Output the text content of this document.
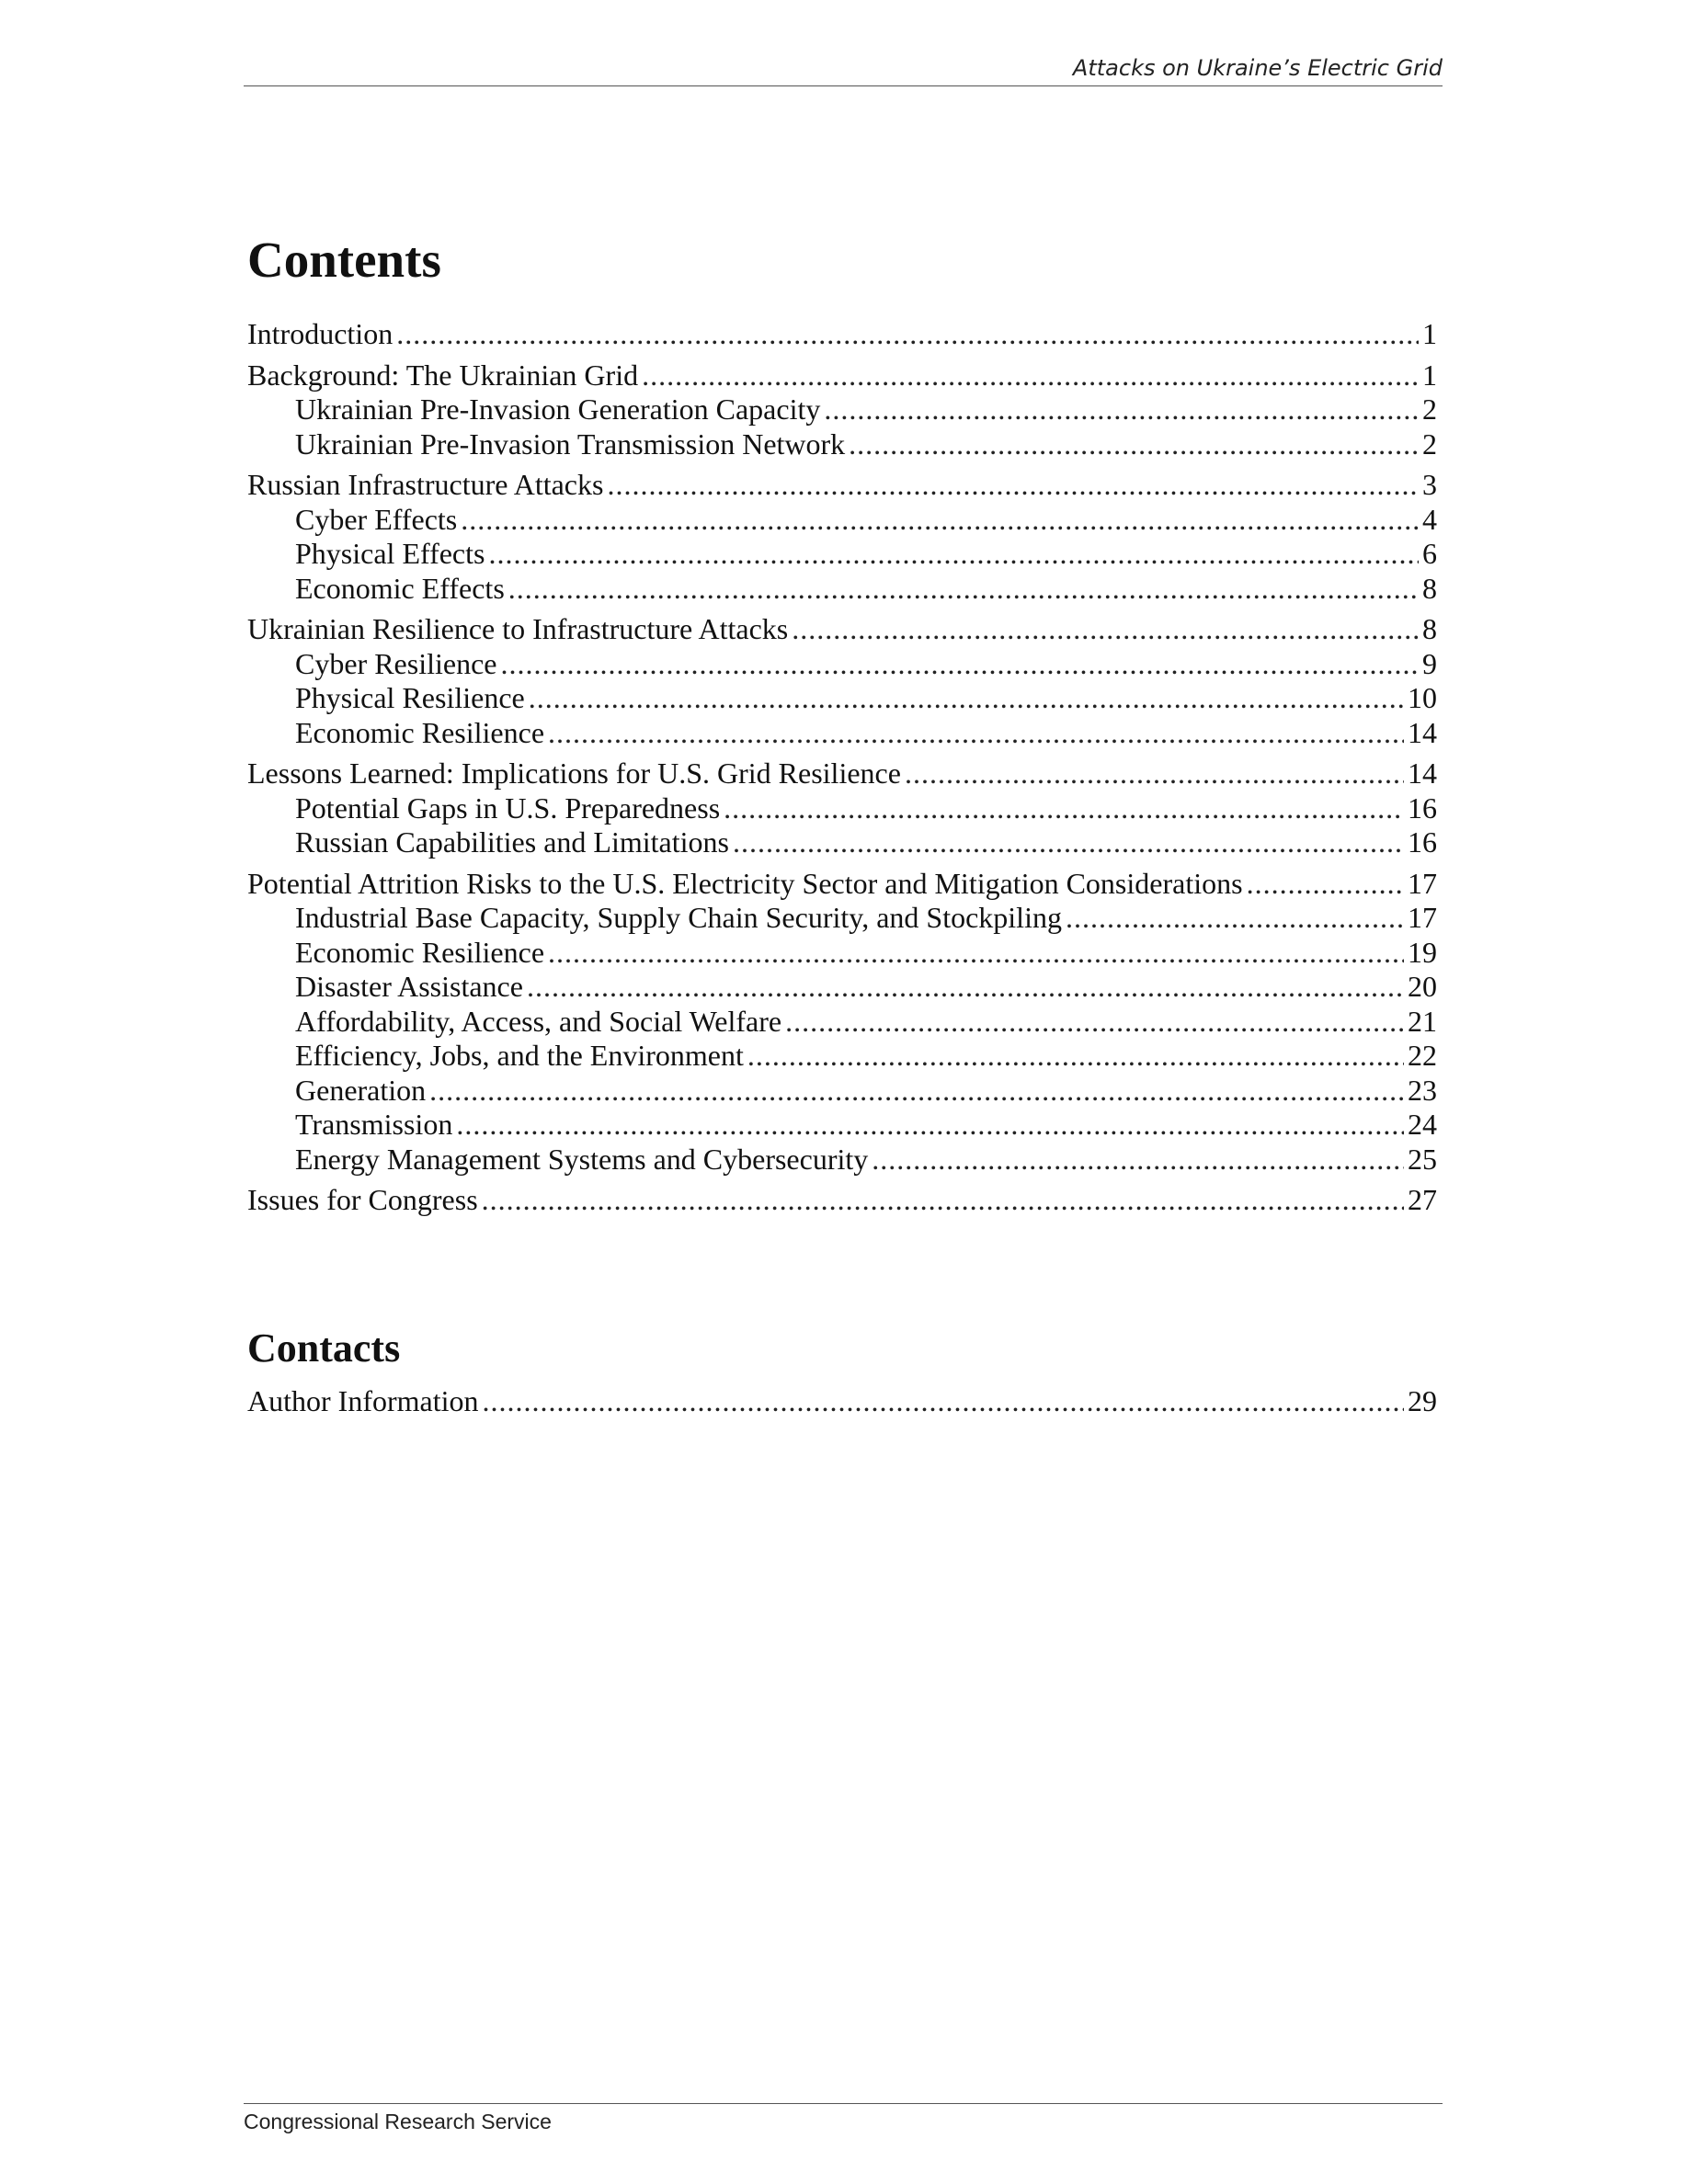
Attacks on Ukraine’s Electric Grid
Contents
Introduction .....	1
Background: The Ukrainian Grid .....	1
Ukrainian Pre-Invasion Generation Capacity .....	2
Ukrainian Pre-Invasion Transmission Network .....	2
Russian Infrastructure Attacks .....	3
Cyber Effects .....	4
Physical Effects .....	6
Economic Effects .....	8
Ukrainian Resilience to Infrastructure Attacks .....	8
Cyber Resilience .....	9
Physical Resilience .....	10
Economic Resilience .....	14
Lessons Learned: Implications for U.S. Grid Resilience .....	14
Potential Gaps in U.S. Preparedness .....	16
Russian Capabilities and Limitations .....	16
Potential Attrition Risks to the U.S. Electricity Sector and Mitigation Considerations .....	17
Industrial Base Capacity, Supply Chain Security, and Stockpiling .....	17
Economic Resilience .....	19
Disaster Assistance .....	20
Affordability, Access, and Social Welfare .....	21
Efficiency, Jobs, and the Environment .....	22
Generation .....	23
Transmission .....	24
Energy Management Systems and Cybersecurity .....	25
Issues for Congress .....	27
Contacts
Author Information .....	29
Congressional Research Service
